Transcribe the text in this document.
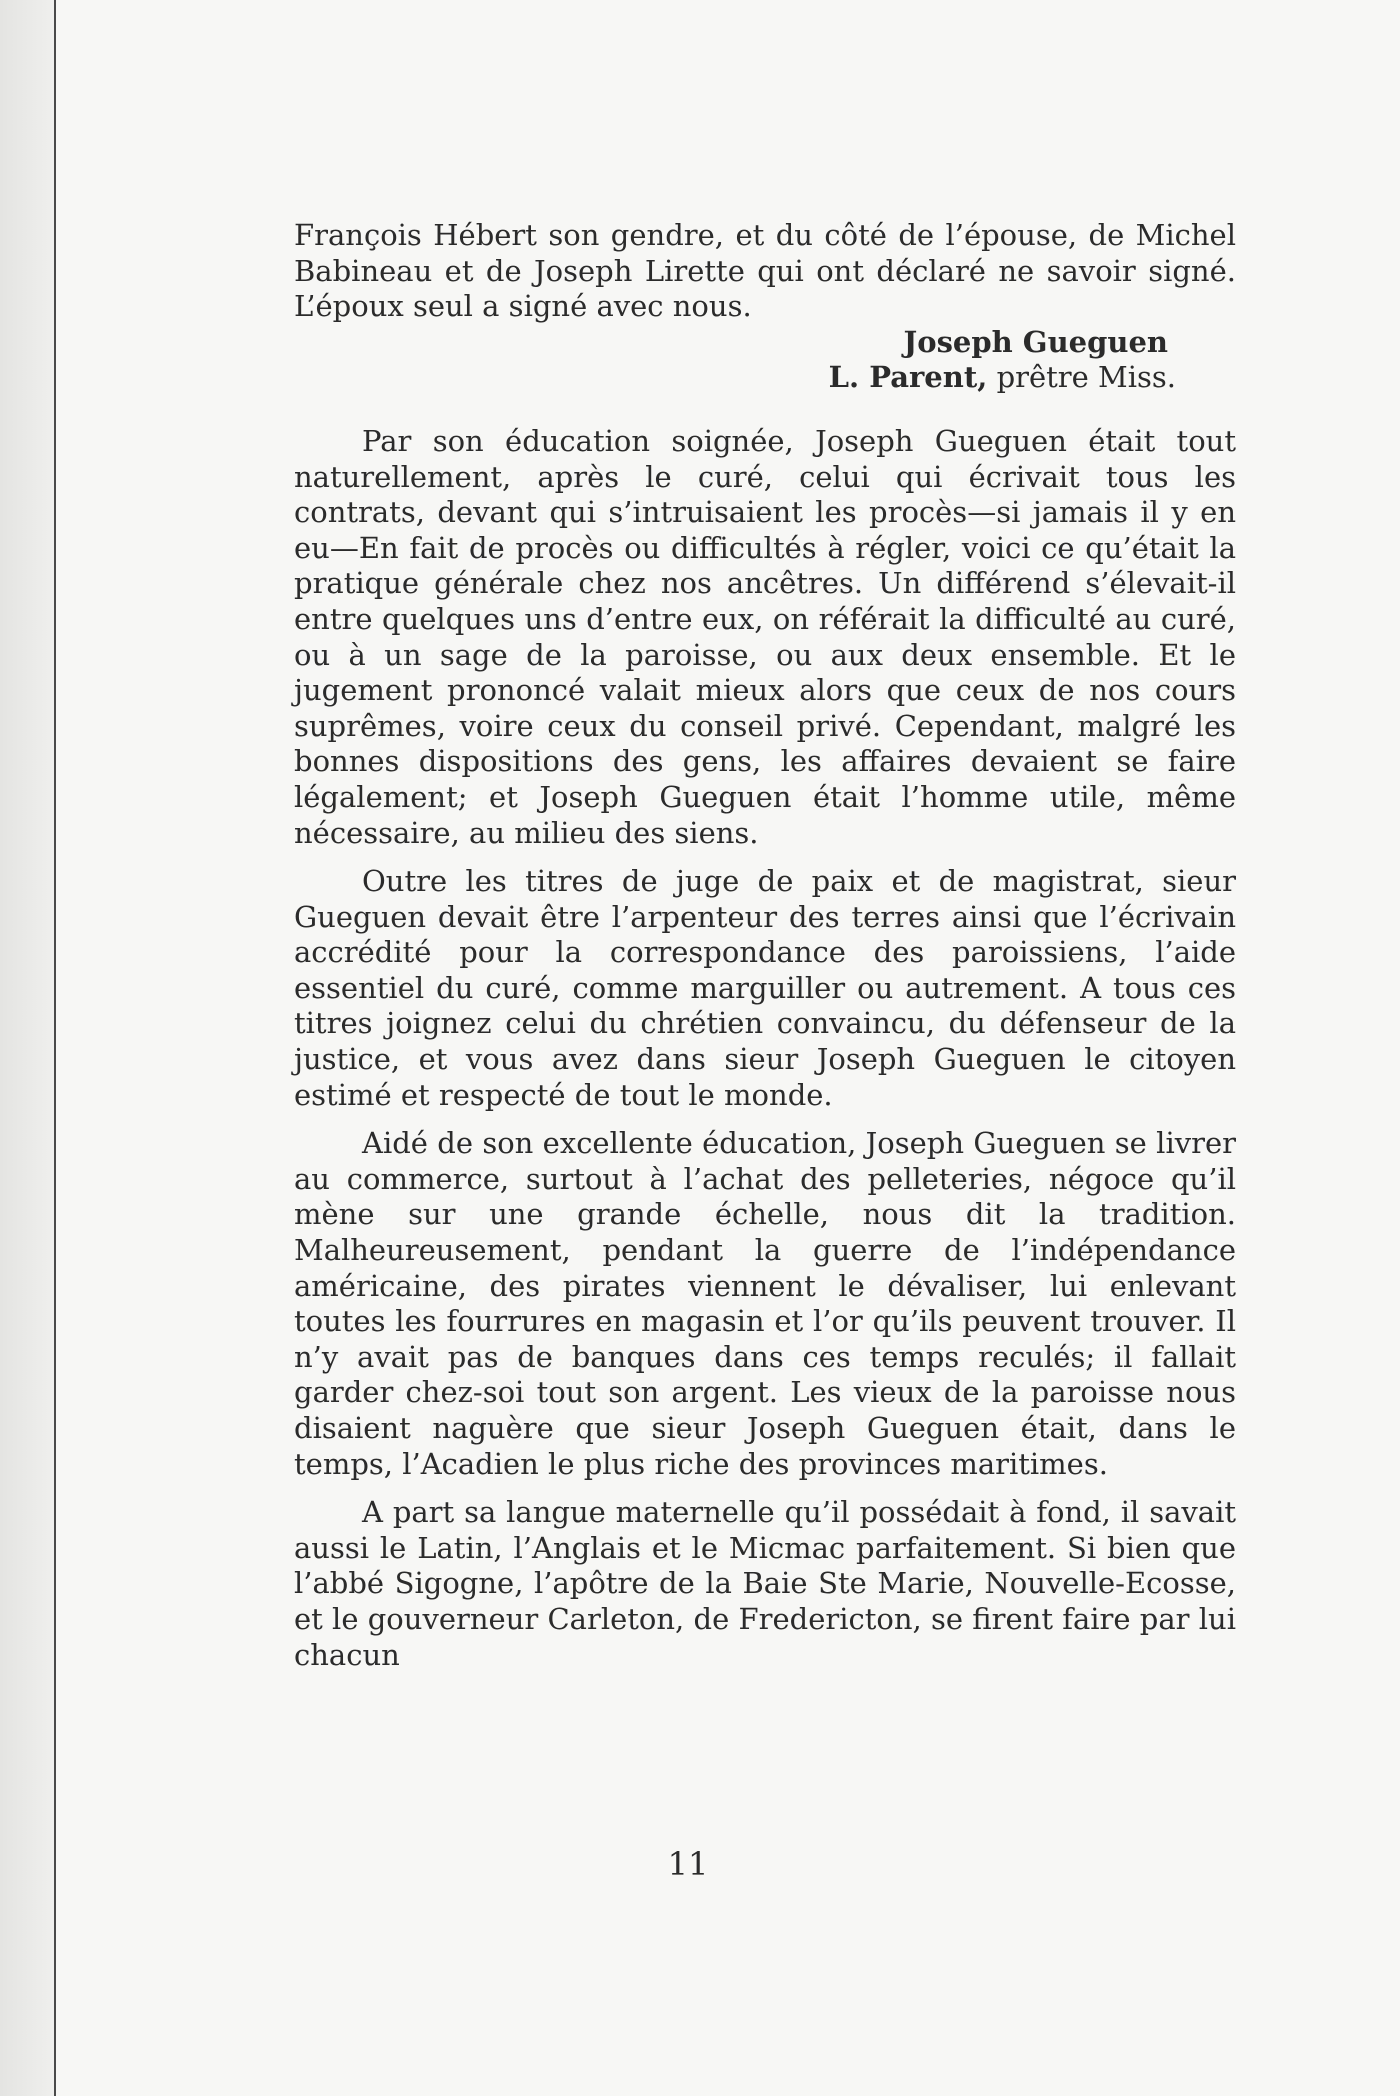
François Hébert son gendre, et du côté de l’épouse, de Michel Babineau et de Joseph Lirette qui ont déclaré ne savoir signé. L’époux seul a signé avec nous.

Joseph Gueguen
L. Parent, prêtre Miss.

Par son éducation soignée, Joseph Gueguen était tout naturellement, après le curé, celui qui écrivait tous les contrats, devant qui s’intruisaient les procès—si jamais il y en eu—En fait de procès ou difficultés à régler, voici ce qu’était la pratique générale chez nos ancêtres. Un différend s’élevait-il entre quelques uns d’entre eux, on référait la difficulté au curé, ou à un sage de la paroisse, ou aux deux ensemble. Et le jugement prononcé valait mieux alors que ceux de nos cours suprêmes, voire ceux du conseil privé. Cependant, malgré les bonnes dispositions des gens, les affaires devaient se faire légalement; et Joseph Gueguen était l’homme utile, même nécessaire, au milieu des siens.

Outre les titres de juge de paix et de magistrat, sieur Gueguen devait être l’arpenteur des terres ainsi que l’écrivain accrédité pour la correspondance des paroissiens, l’aide essentiel du curé, comme marguiller ou autrement. A tous ces titres joignez celui du chrétien convaincu, du défenseur de la justice, et vous avez dans sieur Joseph Gueguen le citoyen estimé et respecté de tout le monde.

Aidé de son excellente éducation, Joseph Gueguen se livrer au commerce, surtout à l’achat des pelleteries, négoce qu’il mène sur une grande échelle, nous dit la tradition. Malheureusement, pendant la guerre de l’indépendance américaine, des pirates viennent le dévaliser, lui enlevant toutes les fourrures en magasin et l’or qu’ils peuvent trouver. Il n’y avait pas de banques dans ces temps reculés; il fallait garder chez-soi tout son argent. Les vieux de la paroisse nous disaient naguère que sieur Joseph Gueguen était, dans le temps, l’Acadien le plus riche des provinces maritimes.

A part sa langue maternelle qu’il possédait à fond, il savait aussi le Latin, l’Anglais et le Micmac parfaitement. Si bien que l’abbé Sigogne, l’apôtre de la Baie Ste Marie, Nouvelle-Ecosse, et le gouverneur Carleton, de Fredericton, se firent faire par lui chacun

11
